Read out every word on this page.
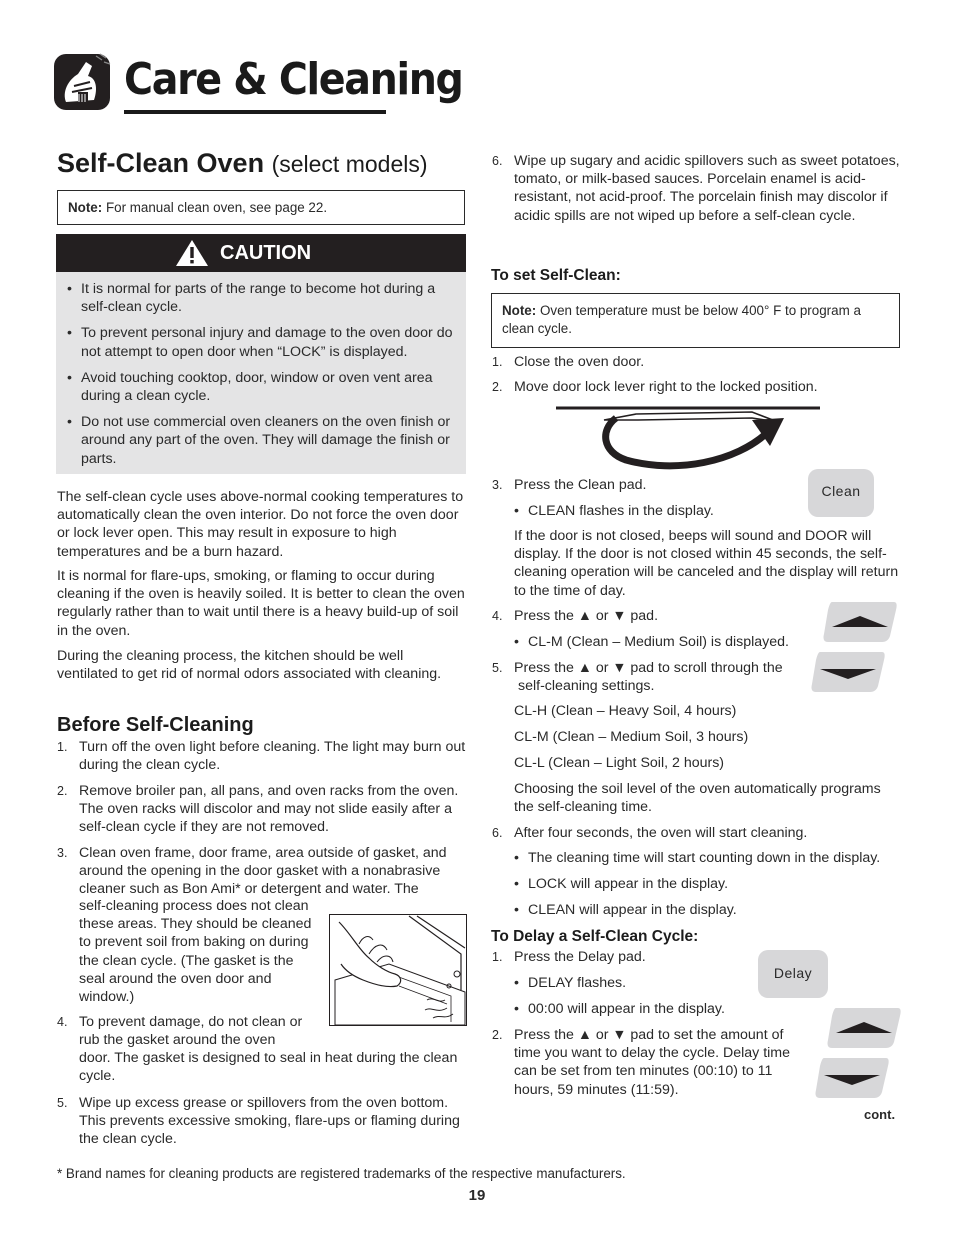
Care & Cleaning
Self-Clean Oven (select models)
Note: For manual clean oven, see page 22.
CAUTION
• It is normal for parts of the range to become hot during a self-clean cycle.
• To prevent personal injury and damage to the oven door do not attempt to open door when “LOCK” is displayed.
• Avoid touching cooktop, door, window or oven vent area during a clean cycle.
• Do not use commercial oven cleaners on the oven finish or around any part of the oven. They will damage the finish or parts.
The self-clean cycle uses above-normal cooking temperatures to automatically clean the oven interior. Do not force the oven door or lock lever open. This may result in exposure to high temperatures and be a burn hazard.
It is normal for flare-ups, smoking, or flaming to occur during cleaning if the oven is heavily soiled. It is better to clean the oven regularly rather than to wait until there is a heavy build-up of soil in the oven.
During the cleaning process, the kitchen should be well ventilated to get rid of normal odors associated with cleaning.
Before Self-Cleaning
1. Turn off the oven light before cleaning. The light may burn out during the clean cycle.
2. Remove broiler pan, all pans, and oven racks from the oven. The oven racks will discolor and may not slide easily after a self-clean cycle if they are not removed.
3. Clean oven frame, door frame, area outside of gasket, and around the opening in the door gasket with a nonabrasive cleaner such as Bon Ami* or detergent and water. The
self-cleaning process does not clean these areas. They should be cleaned to prevent soil from baking on during the clean cycle. (The gasket is the seal around the oven door and window.)
4. To prevent damage, do not clean or rub the gasket around the oven
door. The gasket is designed to seal in heat during the clean cycle.
5. Wipe up excess grease or spillovers from the oven bottom. This prevents excessive smoking, flare-ups or flaming during the clean cycle.
6. Wipe up sugary and acidic spillovers such as sweet potatoes, tomato, or milk-based sauces. Porcelain enamel is acid-resistant, not acid-proof. The porcelain finish may discolor if acidic spills are not wiped up before a self-clean cycle.
To set Self-Clean:
Note: Oven temperature must be below 400° F to program a clean cycle.
1. Close the oven door.
2. Move door lock lever right to the locked position.
3. Press the Clean pad.
• CLEAN flashes in the display.
Clean
If the door is not closed, beeps will sound and DOOR will display. If the door is not closed within 45 seconds, the self-cleaning operation will be canceled and the display will return to the time of day.
4. Press the ▲ or ▼ pad.
• CL-M (Clean – Medium Soil) is displayed.
5. Press the ▲ or ▼ pad to scroll through the
self-cleaning settings.
CL-H (Clean – Heavy Soil, 4 hours)
CL-M (Clean – Medium Soil, 3 hours)
CL-L (Clean – Light Soil, 2 hours)
Choosing the soil level of the oven automatically programs the self-cleaning time.
6. After four seconds, the oven will start cleaning.
• The cleaning time will start counting down in the display.
• LOCK will appear in the display.
• CLEAN will appear in the display.
To Delay a Self-Clean Cycle:
1. Press the Delay pad.
• DELAY flashes.
• 00:00 will appear in the display.
Delay
2. Press the ▲ or ▼ pad to set the amount of time you want to delay the cycle. Delay time can be set from ten minutes (00:10) to 11 hours, 59 minutes (11:59).
cont.
* Brand names for cleaning products are registered trademarks of the respective manufacturers.
19
